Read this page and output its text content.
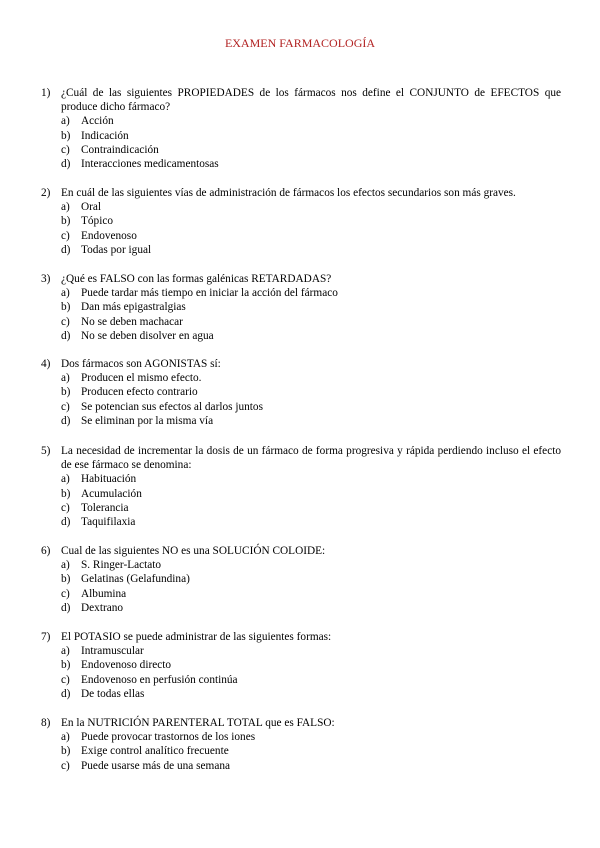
EXAMEN FARMACOLOGÍA
1) ¿Cuál de las siguientes PROPIEDADES de los fármacos nos define el CONJUNTO de EFECTOS que produce dicho fármaco?
a) Acción
b) Indicación
c) Contraindicación
d) Interacciones medicamentosas
2) En cuál de las siguientes vías de administración de fármacos los efectos secundarios son más graves.
a) Oral
b) Tópico
c) Endovenoso
d) Todas por igual
3) ¿Qué es FALSO con las formas galénicas RETARDADAS?
a) Puede tardar más tiempo en iniciar la acción del fármaco
b) Dan más epigastralgias
c) No se deben machacar
d) No se deben disolver en agua
4) Dos fármacos son AGONISTAS sí:
a) Producen el mismo efecto.
b) Producen efecto contrario
c) Se potencian sus efectos al darlos juntos
d) Se eliminan por la misma vía
5) La necesidad de incrementar la dosis de un fármaco de forma progresiva y rápida perdiendo incluso el efecto de ese fármaco se denomina:
a) Habituación
b) Acumulación
c) Tolerancia
d) Taquifilaxia
6) Cual de las siguientes NO es una SOLUCIÓN COLOIDE:
a) S. Ringer-Lactato
b) Gelatinas (Gelafundina)
c) Albumina
d) Dextrano
7) El POTASIO se puede administrar de las siguientes formas:
a) Intramuscular
b) Endovenoso directo
c) Endovenoso en perfusión continúa
d) De todas ellas
8) En la NUTRICIÓN PARENTERAL TOTAL que es FALSO:
a) Puede provocar trastornos de los iones
b) Exige control analítico frecuente
c) Puede usarse más de una semana
